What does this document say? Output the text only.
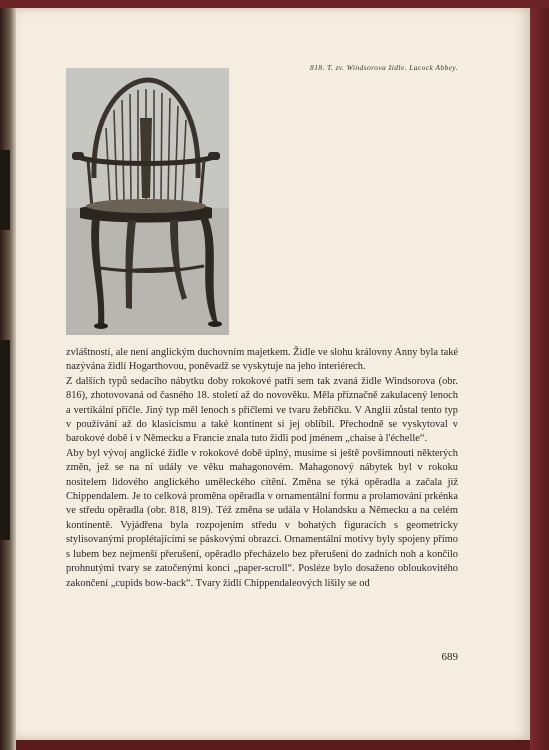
818. T. zv. Windsorova židle. Lacock Abbey.

zvláštností, ale není anglickým duchovním majetkem. Židle ve slohu královny Anny byla také nazývána židlí Hogarthovou, poněvadž se vyskytuje na jeho interiérech.

Z dalších typů sedacího nábytku doby rokokové patří sem tak zvaná židle Windsorova (obr. 816), zhotovovaná od časného 18. století až do novověku. Měla příznačně zakulacený lenoch a vertikální příčle. Jiný typ měl lenoch s příčlemi ve tvaru žebříčku. V Anglii zůstal tento typ v používání až do klasicismu a také kontinent si jej oblíbil. Přechodně se vyskytoval v barokové době i v Německu a Francie znala tuto židli pod jménem „chaise à l'échelle“.

Aby byl vývoj anglické židle v rokokové době úplný, musíme si ještě povšimnouti některých změn, jež se na ní udály ve věku mahagonovém. Mahagonový nábytek byl v rokoku nositelem lidového anglického uměleckého cítění. Změna se týká opěradla a začala již Chippendalem. Je to celková proměna opěradla v ornamentální formu a prolamování prkénka ve středu opěradla (obr. 818, 819). Též změna se udála v Holandsku a Německu a na celém kontinentě. Vyjádřena byla rozpojením středu v bohatých figuracích s geometricky stylisovanými proplétajícími se páskovými obrazci. Ornamentální motivy byly spojeny přímo s lubem bez nejmenší přerušení, opěradlo přecházelo bez přerušení do zadních noh a končilo prohnutými tvary se zatočenými konci „paper-scroll“. Posléze bylo dosaženo obloukovitého zakončení „cupids bow-back“. Tvary židlí Chippendaleových lišily se od

689
